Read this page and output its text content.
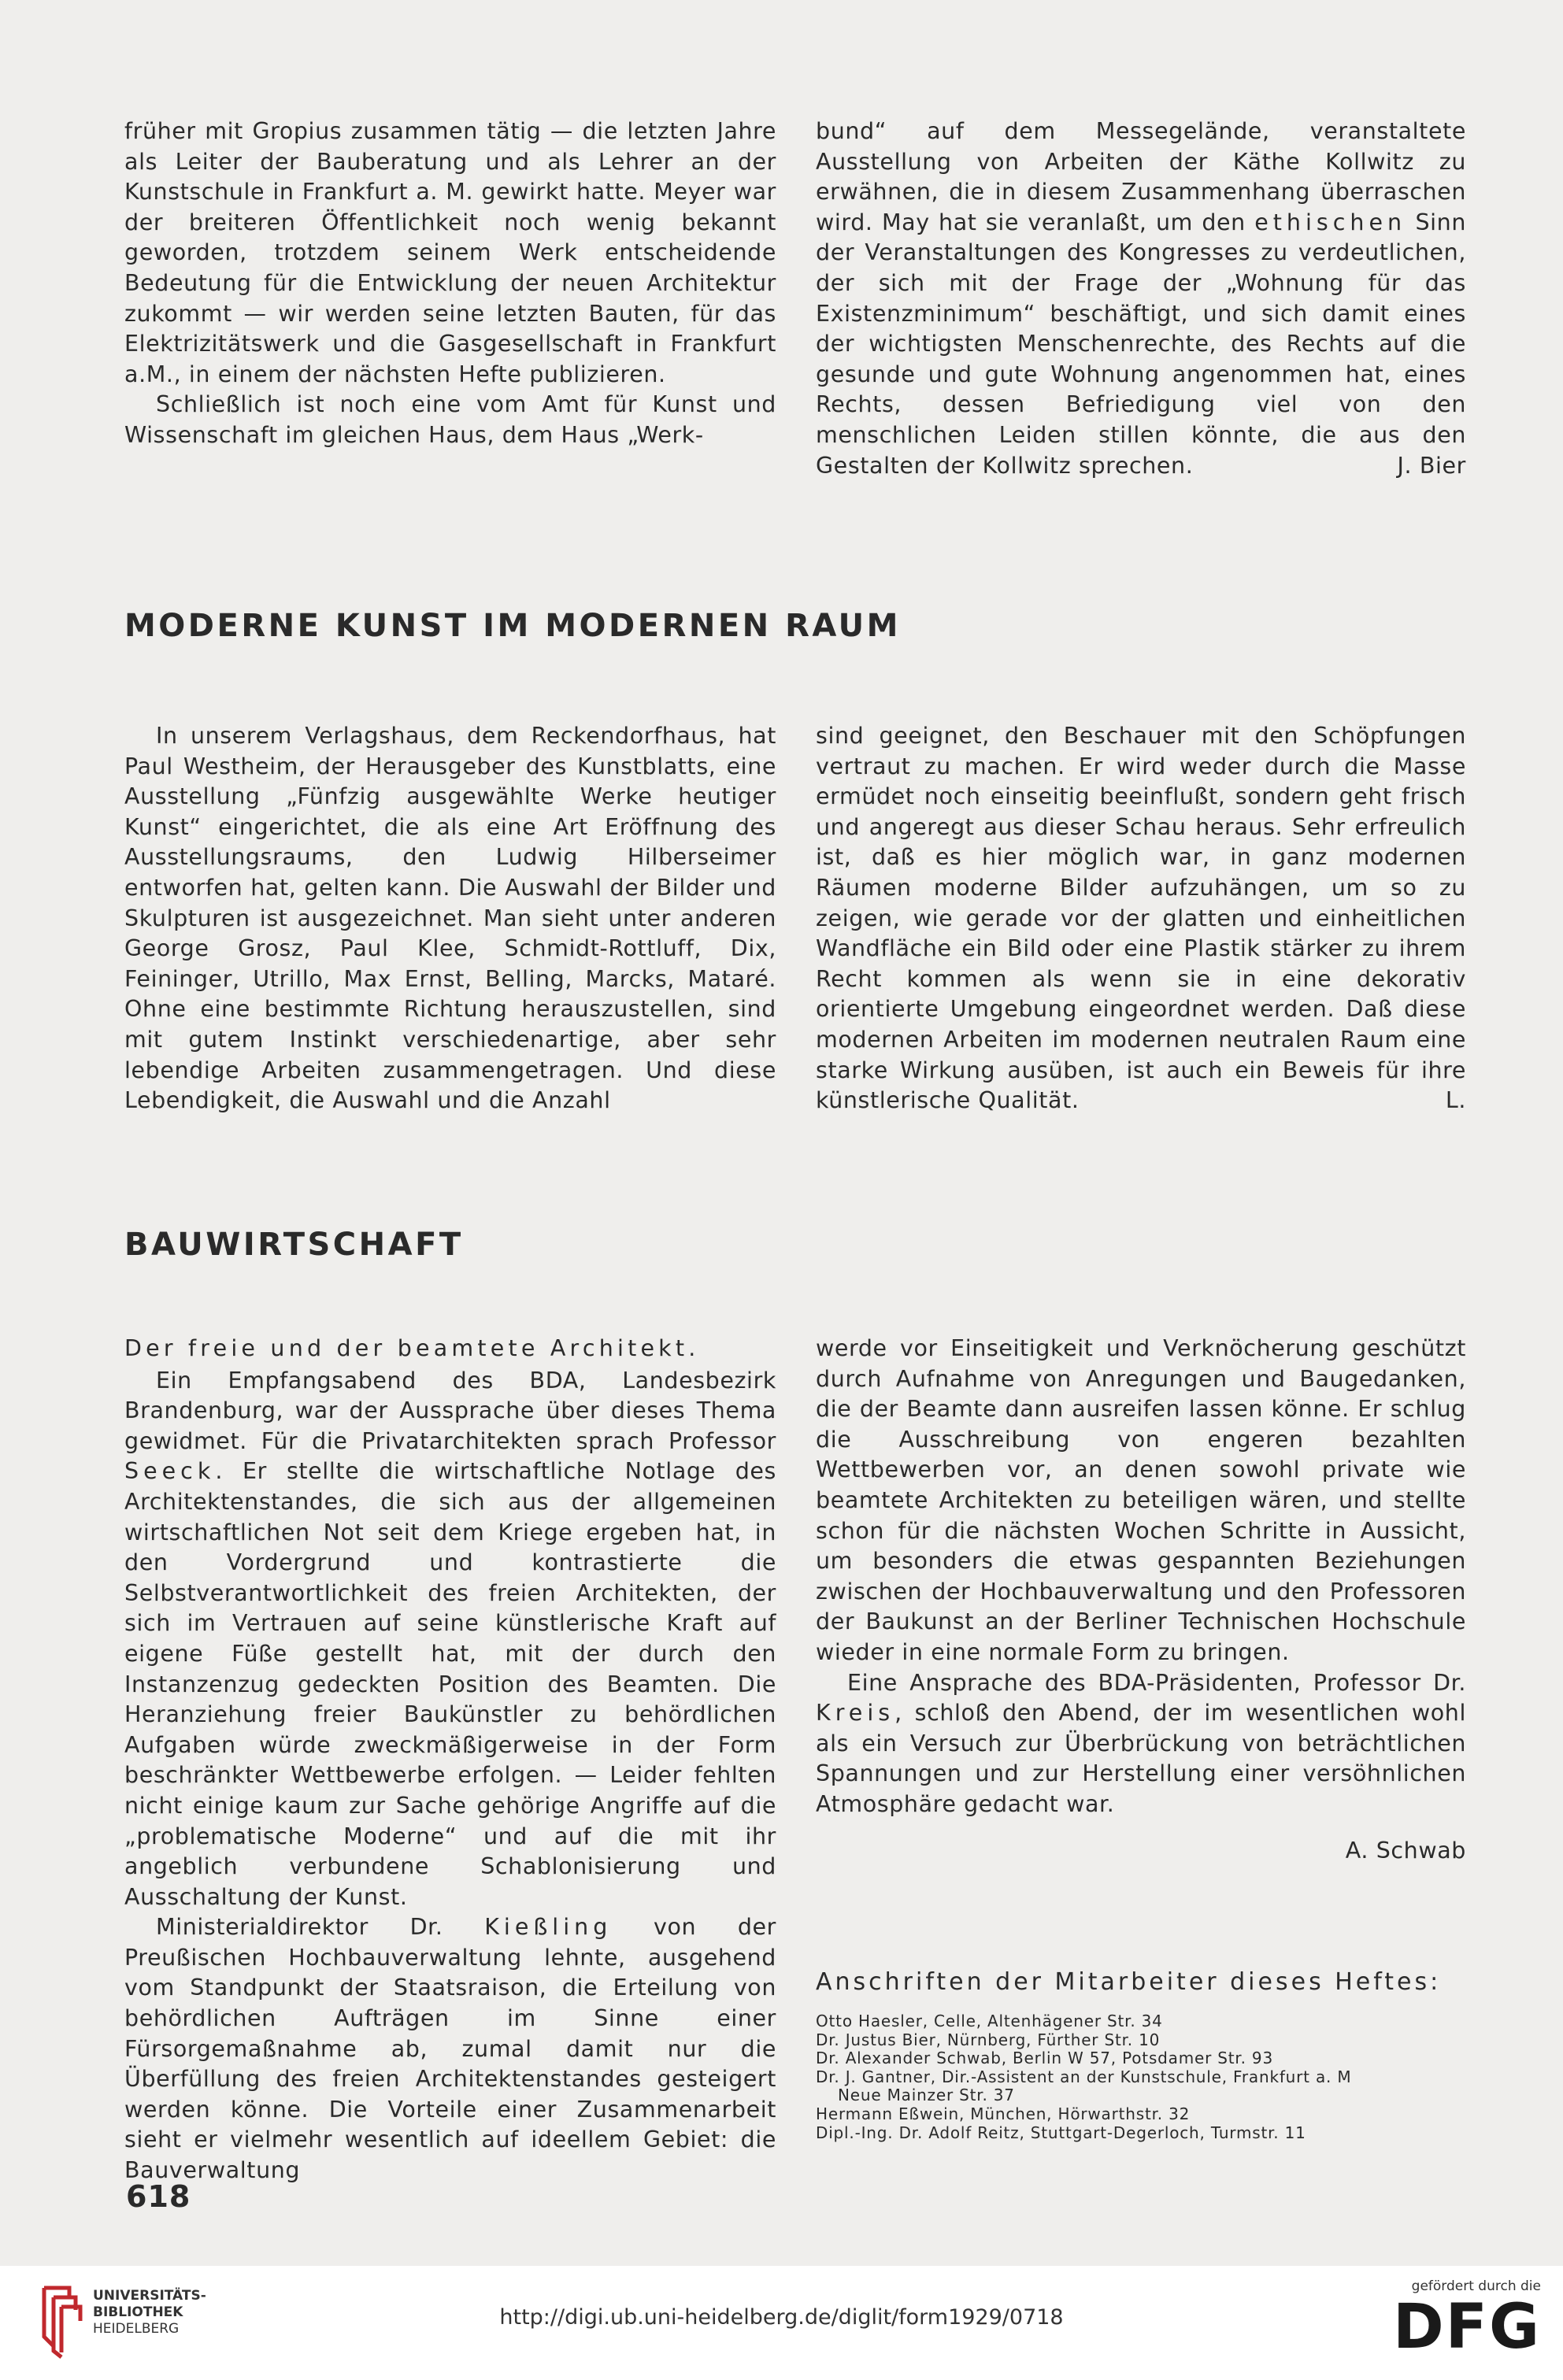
früher mit Gropius zusammen tätig — die letzten Jahre als Leiter der Bauberatung und als Lehrer an der Kunstschule in Frankfurt a. M. gewirkt hatte. Meyer war der breiteren Öffentlichkeit noch wenig bekannt geworden, trotzdem seinem Werk entscheidende Bedeutung für die Entwicklung der neuen Architektur zukommt — wir werden seine letzten Bauten, für das Elektrizitätswerk und die Gasgesellschaft in Frankfurt a.M., in einem der nächsten Hefte publizieren.

Schließlich ist noch eine vom Amt für Kunst und Wissenschaft im gleichen Haus, dem Haus „Werk-

bund“ auf dem Messegelände, veranstaltete Ausstellung von Arbeiten der Käthe Kollwitz zu erwähnen, die in diesem Zusammenhang überraschen wird. May hat sie veranlaßt, um den ethischen Sinn der Veranstaltungen des Kongresses zu verdeutlichen, der sich mit der Frage der „Wohnung für das Existenzminimum“ beschäftigt, und sich damit eines der wichtigsten Menschenrechte, des Rechts auf die gesunde und gute Wohnung angenommen hat, eines Rechts, dessen Befriedigung viel von den menschlichen Leiden stillen könnte, die aus den Gestalten der Kollwitz sprechen.	J. Bier

MODERNE KUNST IM MODERNEN RAUM

In unserem Verlagshaus, dem Reckendorfhaus, hat Paul Westheim, der Herausgeber des Kunstblatts, eine Ausstellung „Fünfzig ausgewählte Werke heutiger Kunst“ eingerichtet, die als eine Art Eröffnung des Ausstellungsraums, den Ludwig Hilberseimer entworfen hat, gelten kann. Die Auswahl der Bilder und Skulpturen ist ausgezeichnet. Man sieht unter anderen George Grosz, Paul Klee, Schmidt-Rottluff, Dix, Feininger, Utrillo, Max Ernst, Belling, Marcks, Mataré. Ohne eine bestimmte Richtung herauszustellen, sind mit gutem Instinkt verschiedenartige, aber sehr lebendige Arbeiten zusammengetragen. Und diese Lebendigkeit, die Auswahl und die Anzahl

sind geeignet, den Beschauer mit den Schöpfungen vertraut zu machen. Er wird weder durch die Masse ermüdet noch einseitig beeinflußt, sondern geht frisch und angeregt aus dieser Schau heraus. Sehr erfreulich ist, daß es hier möglich war, in ganz modernen Räumen moderne Bilder aufzuhängen, um so zu zeigen, wie gerade vor der glatten und einheitlichen Wandfläche ein Bild oder eine Plastik stärker zu ihrem Recht kommen als wenn sie in eine dekorativ orientierte Umgebung eingeordnet werden. Daß diese modernen Arbeiten im modernen neutralen Raum eine starke Wirkung ausüben, ist auch ein Beweis für ihre künstlerische Qualität.	L.

BAUWIRTSCHAFT

Der freie und der beamtete Architekt.

Ein Empfangsabend des BDA, Landesbezirk Brandenburg, war der Aussprache über dieses Thema gewidmet. Für die Privatarchitekten sprach Professor Seeck. Er stellte die wirtschaftliche Notlage des Architektenstandes, die sich aus der allgemeinen wirtschaftlichen Not seit dem Kriege ergeben hat, in den Vordergrund und kontrastierte die Selbstverantwortlichkeit des freien Architekten, der sich im Vertrauen auf seine künstlerische Kraft auf eigene Füße gestellt hat, mit der durch den Instanzenzug gedeckten Position des Beamten. Die Heranziehung freier Baukünstler zu behördlichen Aufgaben würde zweckmäßigerweise in der Form beschränkter Wettbewerbe erfolgen. — Leider fehlten nicht einige kaum zur Sache gehörige Angriffe auf die „problematische Moderne“ und auf die mit ihr angeblich verbundene Schablonisierung und Ausschaltung der Kunst.

Ministerialdirektor Dr. Kießling von der Preußischen Hochbauverwaltung lehnte, ausgehend vom Standpunkt der Staatsraison, die Erteilung von behördlichen Aufträgen im Sinne einer Fürsorgemaßnahme ab, zumal damit nur die Überfüllung des freien Architektenstandes gesteigert werden könne. Die Vorteile einer Zusammenarbeit sieht er vielmehr wesentlich auf ideellem Gebiet: die Bauverwaltung

werde vor Einseitigkeit und Verknöcherung geschützt durch Aufnahme von Anregungen und Baugedanken, die der Beamte dann ausreifen lassen könne. Er schlug die Ausschreibung von engeren bezahlten Wettbewerben vor, an denen sowohl private wie beamtete Architekten zu beteiligen wären, und stellte schon für die nächsten Wochen Schritte in Aussicht, um besonders die etwas gespannten Beziehungen zwischen der Hochbauverwaltung und den Professoren der Baukunst an der Berliner Technischen Hochschule wieder in eine normale Form zu bringen.

Eine Ansprache des BDA-Präsidenten, Professor Dr. Kreis, schloß den Abend, der im wesentlichen wohl als ein Versuch zur Überbrückung von beträchtlichen Spannungen und zur Herstellung einer versöhnlichen Atmosphäre gedacht war.

A. Schwab

Anschriften der Mitarbeiter dieses Heftes:
Otto Haesler, Celle, Altenhägener Str. 34
Dr. Justus Bier, Nürnberg, Fürther Str. 10
Dr. Alexander Schwab, Berlin W 57, Potsdamer Str. 93
Dr. J. Gantner, Dir.-Assistent an der Kunstschule, Frankfurt a. M
Neue Mainzer Str. 37
Hermann Eßwein, München, Hörwarthstr. 32
Dipl.-Ing. Dr. Adolf Reitz, Stuttgart-Degerloch, Turmstr. 11
618
UNIVERSITÄTS-
BIBLIOTHEK
HEIDELBERG	http://digi.ub.uni-heidelberg.de/diglit/form1929/0718
gefördert durch die
DFG
